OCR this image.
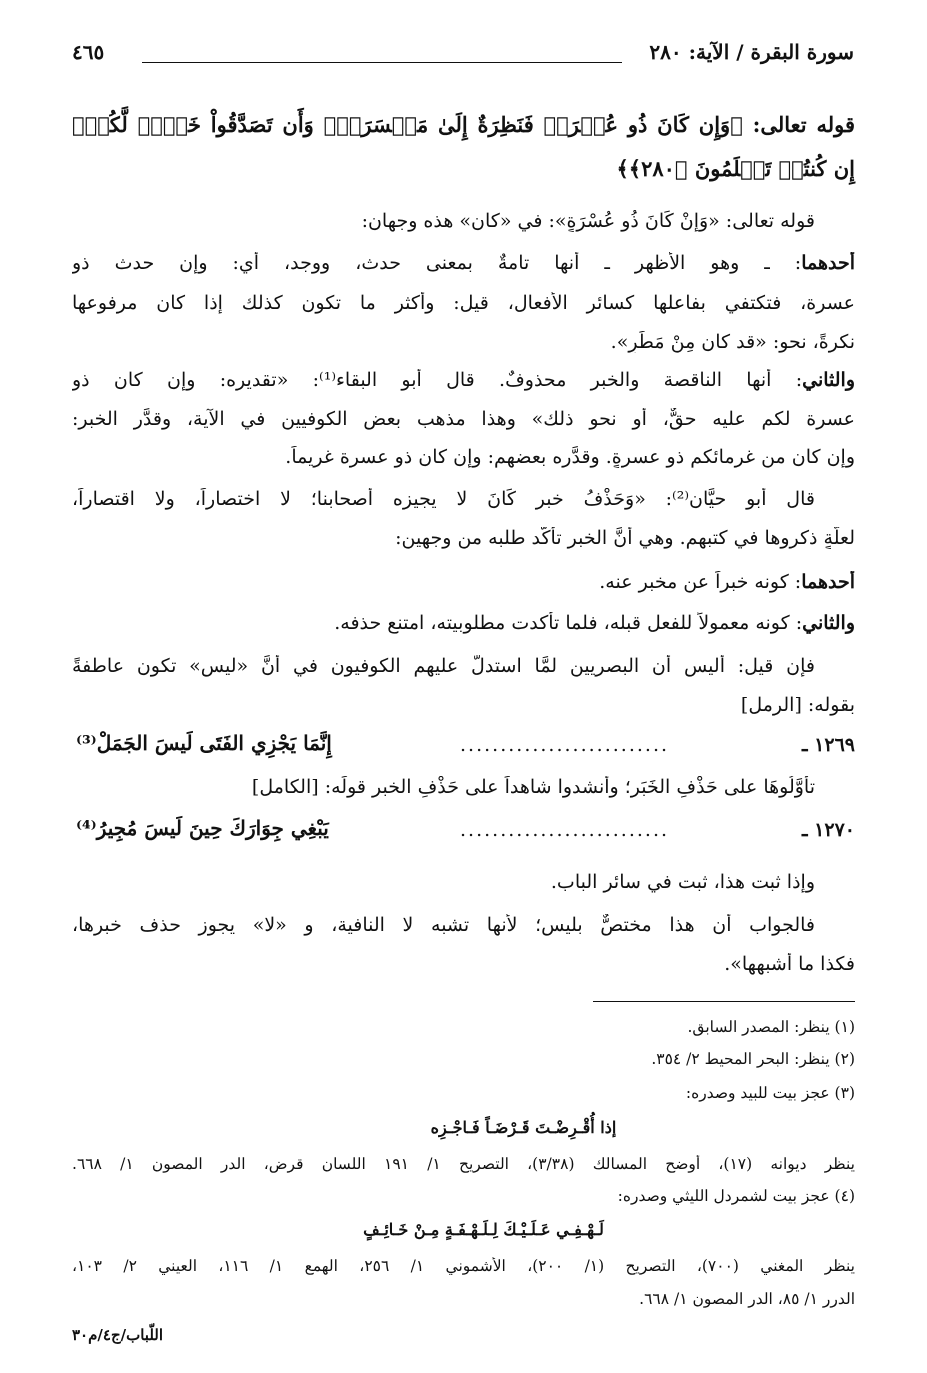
سورة البقرة / الآية: ٢٨٠
٤٦٥
قوله تعالى: ﴿وَإِن كَانَ ذُو عُسۡرَةٖ فَنَظِرَةٌ إِلَىٰ مَيۡسَرَةٖۚ وَأَن تَصَدَّقُواْ خَيۡرٞ لَّكُمۡۖ
إِن كُنتُمۡ تَعۡلَمُونَ ﴿٢٨٠﴾﴾
قوله تعالى: «وَإِنْ كَانَ ذُو عُسْرَةٍ»: في «كان» هذه وجهان:
أحدهما: ـ وهو الأظهر ـ أنها تامةٌ بمعنى حدث، ووجد، أي: وإن حدث ذو
عسرة، فتكتفي بفاعلها كسائر الأفعال، قيل: وأكثر ما تكون كذلك إذا كان مرفوعها
نكرةً، نحو: «قد كان مِنْ مَطَرٍ».
والثاني: أنها الناقصة والخبر محذوفٌ. قال أبو البقاء⁽¹⁾: «تقديره: وإن كان ذو
عسرة لكم عليه حقٌّ، أو نحو ذلك» وهذا مذهب بعض الكوفيين في الآية، وقدَّر الخبر:
وإن كان من غرمائكم ذو عسرةٍ. وقدَّره بعضهم: وإن كان ذو عسرة غريماً.
قال أبو حيَّان⁽²⁾: «وَحَذْفُ خبرِ كَانَ لا يجيزه أصحابنا؛ لا اختصاراً، ولا اقتصاراً،
لعلَّةٍ ذكروها في كتبهم. وهي أنَّ الخبر تأكَّد طلبه من وجهين:
أحدهما: كونه خبراً عن مخبر عنه.
والثاني: كونه معمولاً للفعل قبله، فلما تأكدت مطلوبيته، امتنع حذفه.
فإن قيل: أليس أن البصريين لمَّا استدلَّ عليهم الكوفيون في أنَّ «ليس» تكون عاطفةً
بقوله: [الرمل]
١٢٦٩ ـ
..........................
إِنَّمَا يَجْزِي الفَتَى لَيسَ الجَمَلْ⁽³⁾
تأوَّلُوهَا على حَذْفِ الخَبَرِ؛ وأنشدوا شاهداً على حَذْفِ الخبرِ قولَه: [الكامل]
١٢٧٠ ـ
..........................
يَبْغِي جِوَارَكَ حِينَ لَيسَ مُجِيرُ⁽⁴⁾
وإذا ثبت هذا، ثبت في سائر الباب.
فالجواب أن هذا مختصٌّ بليس؛ لأنها تشبه لا النافية، و «لا» يجوز حذف خبرها،
فكذا ما أشبهها».
(١) ينظر: المصدر السابق.
(٢) ينظر: البحر المحيط ٢/ ٣٥٤.
(٣) عجز بيت للبيد وصدره:
إذا أُقْـرِضْـتَ قَـرْضَـاً فَـاجْـزِه
ينظر ديوانه (١٧)، أوضح المسالك (٣/٣٨)، التصريح ١/ ١٩١ اللسان قرض، الدر المصون ١/ ٦٦٨.
(٤) عجز بيت لشمردل الليثي وصدره:
لَـهْـفِـي عَـلَـيْـكَ لِـلَـهْـفَـةٍ مِـنْ خَـائِـفٍ
ينظر المغني (٧٠٠)، التصريح (١/ ٢٠٠)، الأشموني ١/ ٢٥٦، الهمع ١/ ١١٦، العيني ٢/ ١٠٣،
الدرر ١/ ٨٥، الدر المصون ١/ ٦٦٨.
اللّباب/ج٤/م٣٠
